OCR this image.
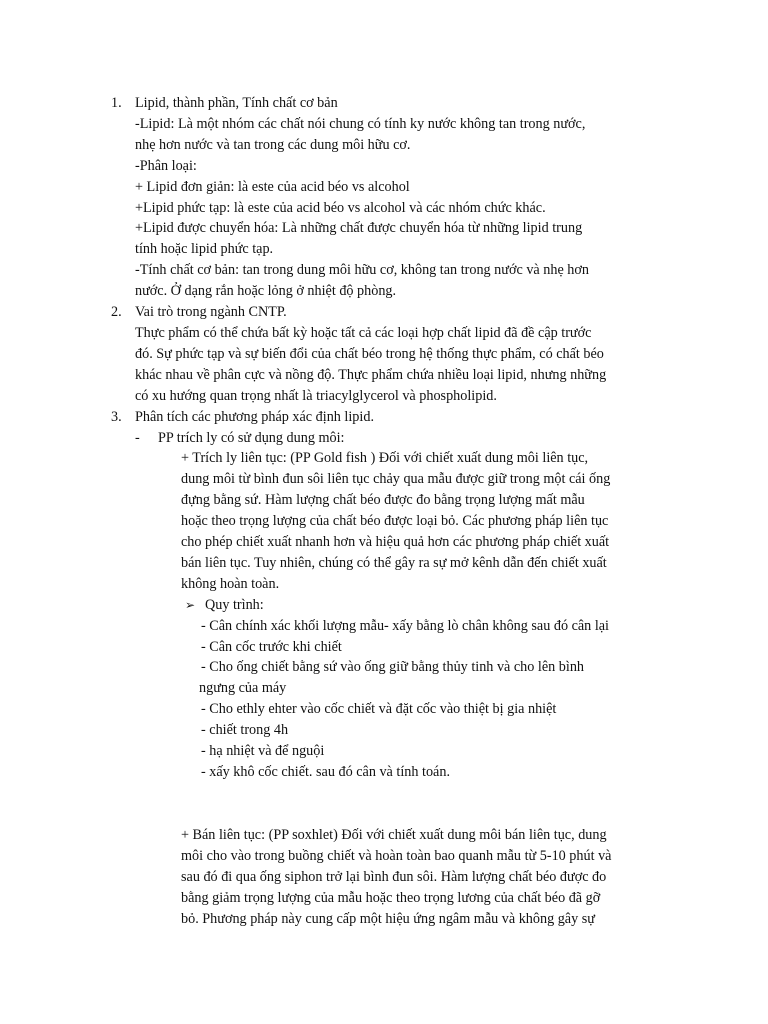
1. Lipid, thành phần, Tính chất cơ bản
-Lipid: Là một nhóm các chất nói chung có tính ky nước không tan trong nước,
nhẹ hơn nước và tan trong các dung môi hữu cơ.
-Phân loại:
+ Lipid đơn giản: là este của acid béo vs alcohol
+Lipid phức tạp: là este của acid béo vs alcohol và các nhóm chức khác.
+Lipid được chuyển hóa: Là những chất được chuyển hóa từ những lipid trung
tính hoặc lipid phức tạp.
-Tính chất cơ bản: tan trong dung môi hữu cơ, không tan trong nước và nhẹ hơn
nước. Ở dạng rắn hoặc lỏng ở nhiệt độ phòng.
2. Vai trò trong ngành CNTP.
Thực phẩm có thể chứa bất kỳ hoặc tất cả các loại hợp chất lipid đã đề cập trước
đó. Sự phức tạp và sự biến đổi của chất béo trong hệ thống thực phẩm, có chất béo
khác nhau về phân cực và nồng độ. Thực phẩm chứa nhiều loại lipid, nhưng những
có xu hướng quan trọng nhất là triacylglycerol và phospholipid.
3. Phân tích các phương pháp xác định lipid.
- PP trích ly có sử dụng dung môi:
+ Trích ly liên tục: (PP Gold fish ) Đối với chiết xuất dung môi liên tục,
dung môi từ bình đun sôi liên tục chảy qua mẫu được giữ trong một cái ống
đựng bằng sứ. Hàm lượng chất béo được đo bằng trọng lượng mất mẫu
hoặc theo trọng lượng của chất béo được loại bỏ. Các phương pháp liên tục
cho phép chiết xuất nhanh hơn và hiệu quả hơn các phương pháp chiết xuất
bán liên tục. Tuy nhiên, chúng có thể gây ra sự mở kênh dẫn đến chiết xuất
không hoàn toàn.
➢ Quy trình:
- Cân chính xác khối lượng mẫu- xấy bằng lò chân không sau đó cân lại
- Cân cốc trước khi chiết
- Cho ống chiết bằng sứ vào ống giữ bằng thủy tinh và cho lên bình
ngưng của máy
- Cho ethly ehter vào cốc chiết và đặt cốc vào thiệt bị gia nhiệt
- chiết trong 4h
- hạ nhiệt và để nguội
- xấy khô cốc chiết. sau đó cân và tính toán.
+ Bán liên tục: (PP soxhlet) Đối với chiết xuất dung môi bán liên tục, dung
môi cho vào trong buồng chiết và hoàn toàn bao quanh mẫu từ 5-10 phút và
sau đó đi qua ống siphon trở lại bình đun sôi. Hàm lượng chất béo được đo
bằng giảm trọng lượng của mẫu hoặc theo trọng lương của chất béo đã gỡ
bỏ. Phương pháp này cung cấp một hiệu ứng ngâm mẫu và không gây sự
